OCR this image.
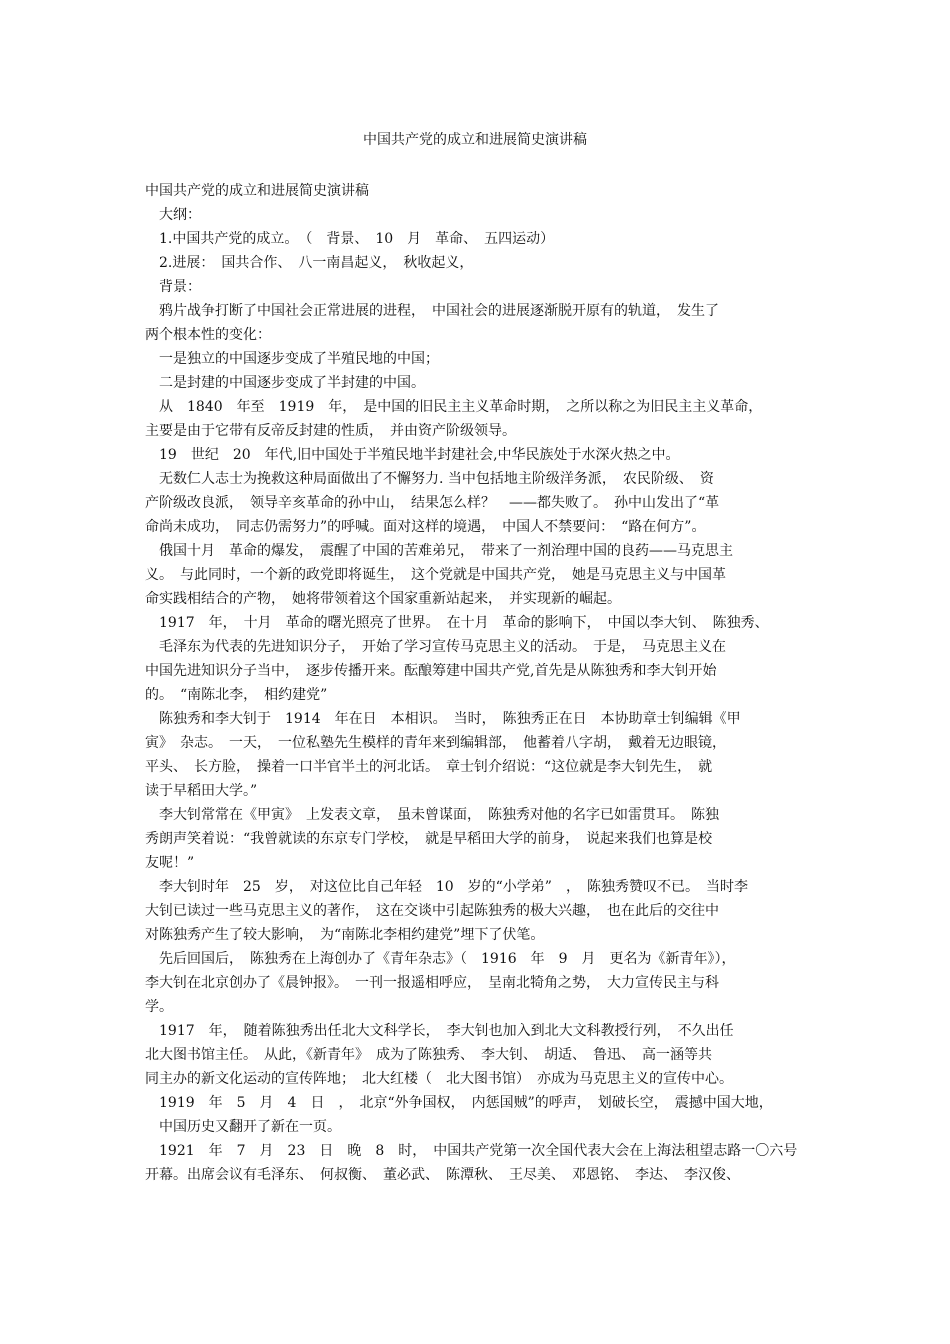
中国共产党的成立和进展简史演讲稿
中国共产党的成立和进展简史演讲稿
　大纲：
　1.中国共产党的成立。　（　背景、　10　月　革命、　五四运动）
　2.进展：　国共合作、　八一南昌起义，　秋收起义，
　背景：
　鸦片战争打断了中国社会正常进展的进程，　中国社会的进展逐渐脱开原有的轨道，　发生了
两个根本性的变化：
　一是独立的中国逐步变成了半殖民地的中国；
　二是封建的中国逐步变成了半封建的中国。
　从　1840　年至　1919　年，　是中国的旧民主主义革命时期，　之所以称之为旧民主主义革命，
主要是由于它带有反帝反封建的性质，　并由资产阶级领导。
　19　世纪　20　年代,旧中国处于半殖民地半封建社会,中华民族处于水深火热之中。
　无数仁人志士为挽救这种局面做出了不懈努力. 当中包括地主阶级洋务派，　农民阶级、　资
产阶级改良派，　领导辛亥革命的孙中山，　结果怎么样？　——都失败了。　孙中山发出了“革
命尚未成功，　同志仍需努力”的呼喊。面对这样的境遇，　中国人不禁要问：　“路在何方”。
　俄国十月　革命的爆发，　震醒了中国的苦难弟兄，　带来了一剂治理中国的良药——马克思主
义。　与此同时，一个新的政党即将诞生，　这个党就是中国共产党，　她是马克思主义与中国革
命实践相结合的产物，　她将带领着这个国家重新站起来，　并实现新的崛起。
　1917　年，　十月　革命的曙光照亮了世界。　在十月　革命的影响下，　中国以李大钊、　陈独秀、
　毛泽东为代表的先进知识分子，　开始了学习宣传马克思主义的活动。　于是，　马克思主义在
中国先进知识分子当中，　逐步传播开来。酝酿筹建中国共产党,首先是从陈独秀和李大钊开始
的。　“南陈北李，　相约建党”
　陈独秀和李大钊于　1914　年在日　本相识。　当时，　陈独秀正在日　本协助章士钊编辑《甲
寅》　杂志。　一天，　一位私塾先生模样的青年来到编辑部，　他蓄着八字胡，　戴着无边眼镜，
平头、　长方脸，　操着一口半官半土的河北话。　章士钊介绍说：“这位就是李大钊先生，　就
读于早稻田大学。”
　李大钊常常在《甲寅》　上发表文章，　虽未曾谋面，　陈独秀对他的名字已如雷贯耳。　陈独
秀朗声笑着说：“我曾就读的东京专门学校，　就是早稻田大学的前身，　说起来我们也算是校
友呢！”
　李大钊时年　25　岁，　对这位比自己年轻　10　岁的“小学弟”　，　陈独秀赞叹不已。　当时李
大钊已读过一些马克思主义的著作，　这在交谈中引起陈独秀的极大兴趣，　也在此后的交往中
对陈独秀产生了较大影响，　为“南陈北李相约建党”埋下了伏笔。
　先后回国后，　陈独秀在上海创办了《青年杂志》（　1916　年　9　月　更名为《新青年》），
李大钊在北京创办了《晨钟报》。　一刊一报遥相呼应，　呈南北犄角之势，　大力宣传民主与科
学。
　1917　年，　随着陈独秀出任北大文科学长，　李大钊也加入到北大文科教授行列，　不久出任
北大图书馆主任。　从此，《新青年》　成为了陈独秀、　李大钊、　胡适、　鲁迅、　高一涵等共
同主办的新文化运动的宣传阵地；　北大红楼（　北大图书馆）　亦成为马克思主义的宣传中心。
　1919　年　5　月　4　日　，　北京“外争国权，　内惩国贼”的呼声，　划破长空，　震撼中国大地，
　中国历史又翻开了新在一页。
　1921　年　7　月　23　日　晚　8　时，　中国共产党第一次全国代表大会在上海法租望志路一〇六号
开幕。出席会议有毛泽东、　何叔衡、　董必武、　陈潭秋、　王尽美、　邓恩铭、　李达、　李汉俊、
